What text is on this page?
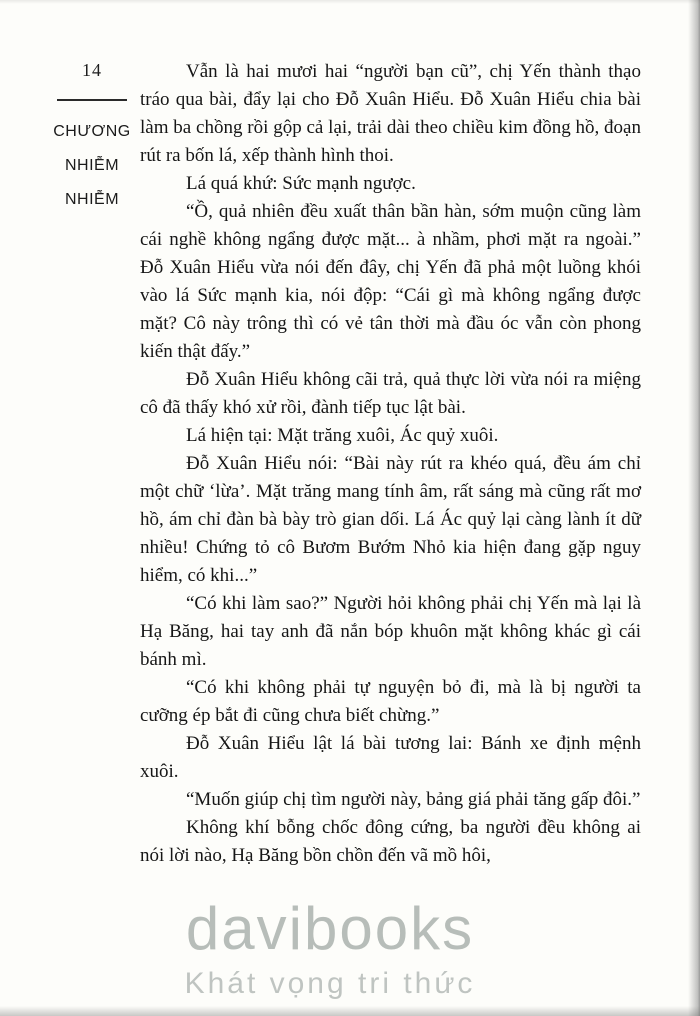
14
CHƯƠNG
NHIỄM
NHIỄM

Vẫn là hai mươi hai “người bạn cũ”, chị Yến thành thạo tráo qua bài, đẩy lại cho Đỗ Xuân Hiểu. Đỗ Xuân Hiểu chia bài làm ba chồng rồi gộp cả lại, trải dài theo chiều kim đồng hồ, đoạn rút ra bốn lá, xếp thành hình thoi.

Lá quá khứ: Sức mạnh ngược.

“Ồ, quả nhiên đều xuất thân bần hàn, sớm muộn cũng làm cái nghề không ngẩng được mặt... à nhầm, phơi mặt ra ngoài.” Đỗ Xuân Hiểu vừa nói đến đây, chị Yến đã phả một luồng khói vào lá Sức mạnh kia, nói độp: “Cái gì mà không ngẩng được mặt? Cô này trông thì có vẻ tân thời mà đầu óc vẫn còn phong kiến thật đấy.”

Đỗ Xuân Hiểu không cãi trả, quả thực lời vừa nói ra miệng cô đã thấy khó xử rồi, đành tiếp tục lật bài.

Lá hiện tại: Mặt trăng xuôi, Ác quỷ xuôi.

Đỗ Xuân Hiểu nói: “Bài này rút ra khéo quá, đều ám chỉ một chữ ‘lừa’. Mặt trăng mang tính âm, rất sáng mà cũng rất mơ hồ, ám chỉ đàn bà bày trò gian dối. Lá Ác quỷ lại càng lành ít dữ nhiều! Chứng tỏ cô Bươm Bướm Nhỏ kia hiện đang gặp nguy hiểm, có khi...”

“Có khi làm sao?” Người hỏi không phải chị Yến mà lại là Hạ Băng, hai tay anh đã nắn bóp khuôn mặt không khác gì cái bánh mì.

“Có khi không phải tự nguyện bỏ đi, mà là bị người ta cưỡng ép bắt đi cũng chưa biết chừng.”

Đỗ Xuân Hiểu lật lá bài tương lai: Bánh xe định mệnh xuôi.

“Muốn giúp chị tìm người này, bảng giá phải tăng gấp đôi.”

Không khí bỗng chốc đông cứng, ba người đều không ai nói lời nào, Hạ Băng bồn chồn đến vã mồ hôi,

davibooks
Khát vọng tri thức
